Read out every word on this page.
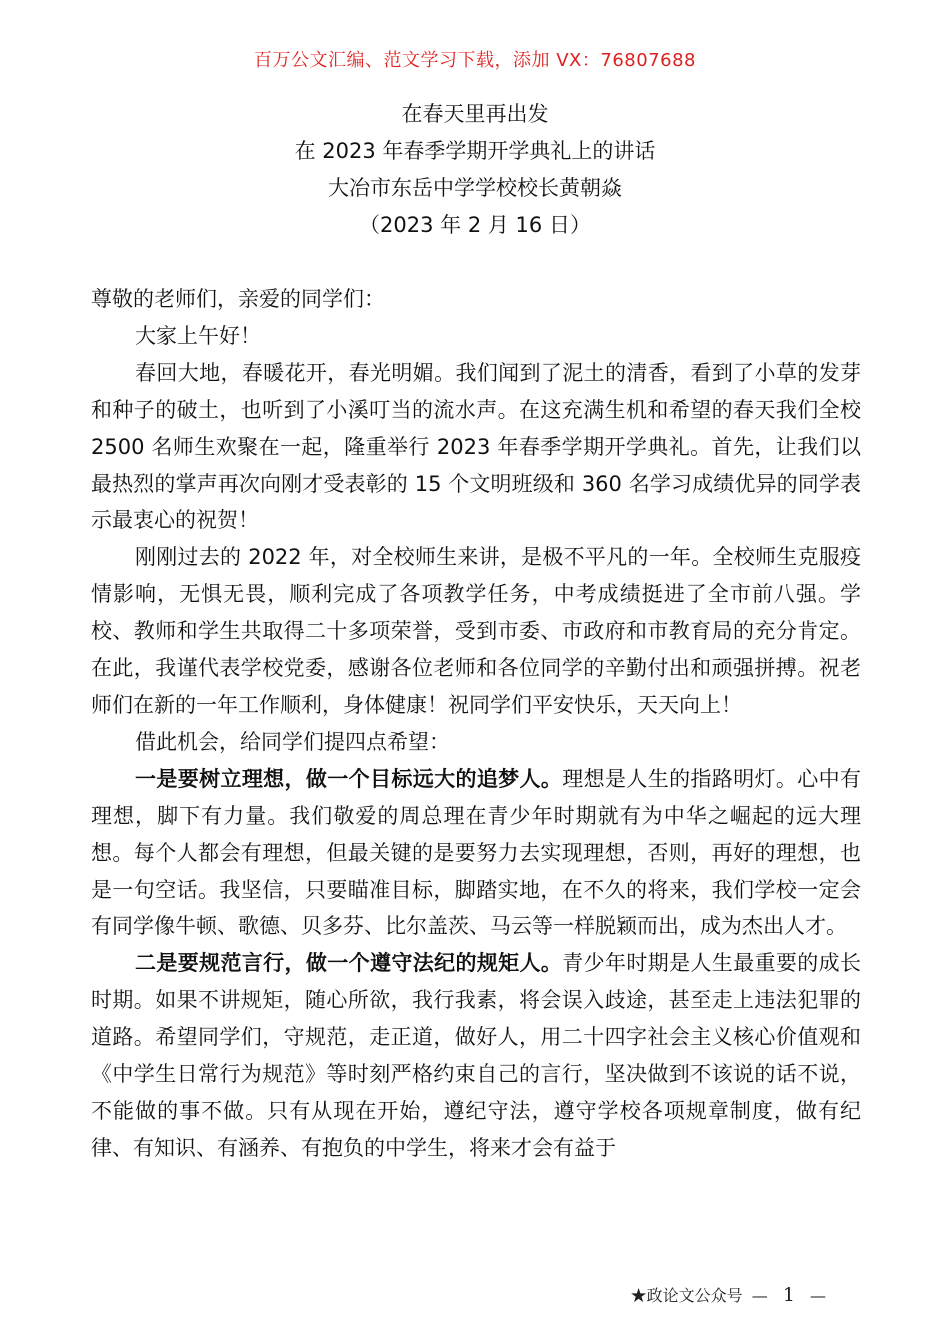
百万公文汇编、范文学习下载，添加 VX：76807688
在春天里再出发
在 2023 年春季学期开学典礼上的讲话
大冶市东岳中学学校校长黄朝焱
（2023 年 2 月 16 日）

尊敬的老师们，亲爱的同学们：

大家上午好！

春回大地，春暖花开，春光明媚。我们闻到了泥土的清香，看到了小草的发芽和种子的破土，也听到了小溪叮当的流水声。在这充满生机和希望的春天我们全校 2500 名师生欢聚在一起，隆重举行 2023 年春季学期开学典礼。首先，让我们以最热烈的掌声再次向刚才受表彰的 15 个文明班级和 360 名学习成绩优异的同学表示最衷心的祝贺！

刚刚过去的 2022 年，对全校师生来讲，是极不平凡的一年。全校师生克服疫情影响，无惧无畏，顺利完成了各项教学任务，中考成绩挺进了全市前八强。学校、教师和学生共取得二十多项荣誉，受到市委、市政府和市教育局的充分肯定。在此，我谨代表学校党委，感谢各位老师和各位同学的辛勤付出和顽强拼搏。祝老师们在新的一年工作顺利，身体健康！祝同学们平安快乐，天天向上！

借此机会，给同学们提四点希望：

一是要树立理想，做一个目标远大的追梦人。理想是人生的指路明灯。心中有理想，脚下有力量。我们敬爱的周总理在青少年时期就有为中华之崛起的远大理想。每个人都会有理想，但最关键的是要努力去实现理想，否则，再好的理想，也是一句空话。我坚信，只要瞄准目标，脚踏实地，在不久的将来，我们学校一定会有同学像牛顿、歌德、贝多芬、比尔盖茨、马云等一样脱颖而出，成为杰出人才。

二是要规范言行，做一个遵守法纪的规矩人。青少年时期是人生最重要的成长时期。如果不讲规矩，随心所欲，我行我素，将会误入歧途，甚至走上违法犯罪的道路。希望同学们，守规范，走正道，做好人，用二十四字社会主义核心价值观和《中学生日常行为规范》等时刻严格约束自己的言行，坚决做到不该说的话不说，不能做的事不做。只有从现在开始，遵纪守法，遵守学校各项规章制度，做有纪律、有知识、有涵养、有抱负的中学生，将来才会有益于

★政论文公众号 — 1 —
